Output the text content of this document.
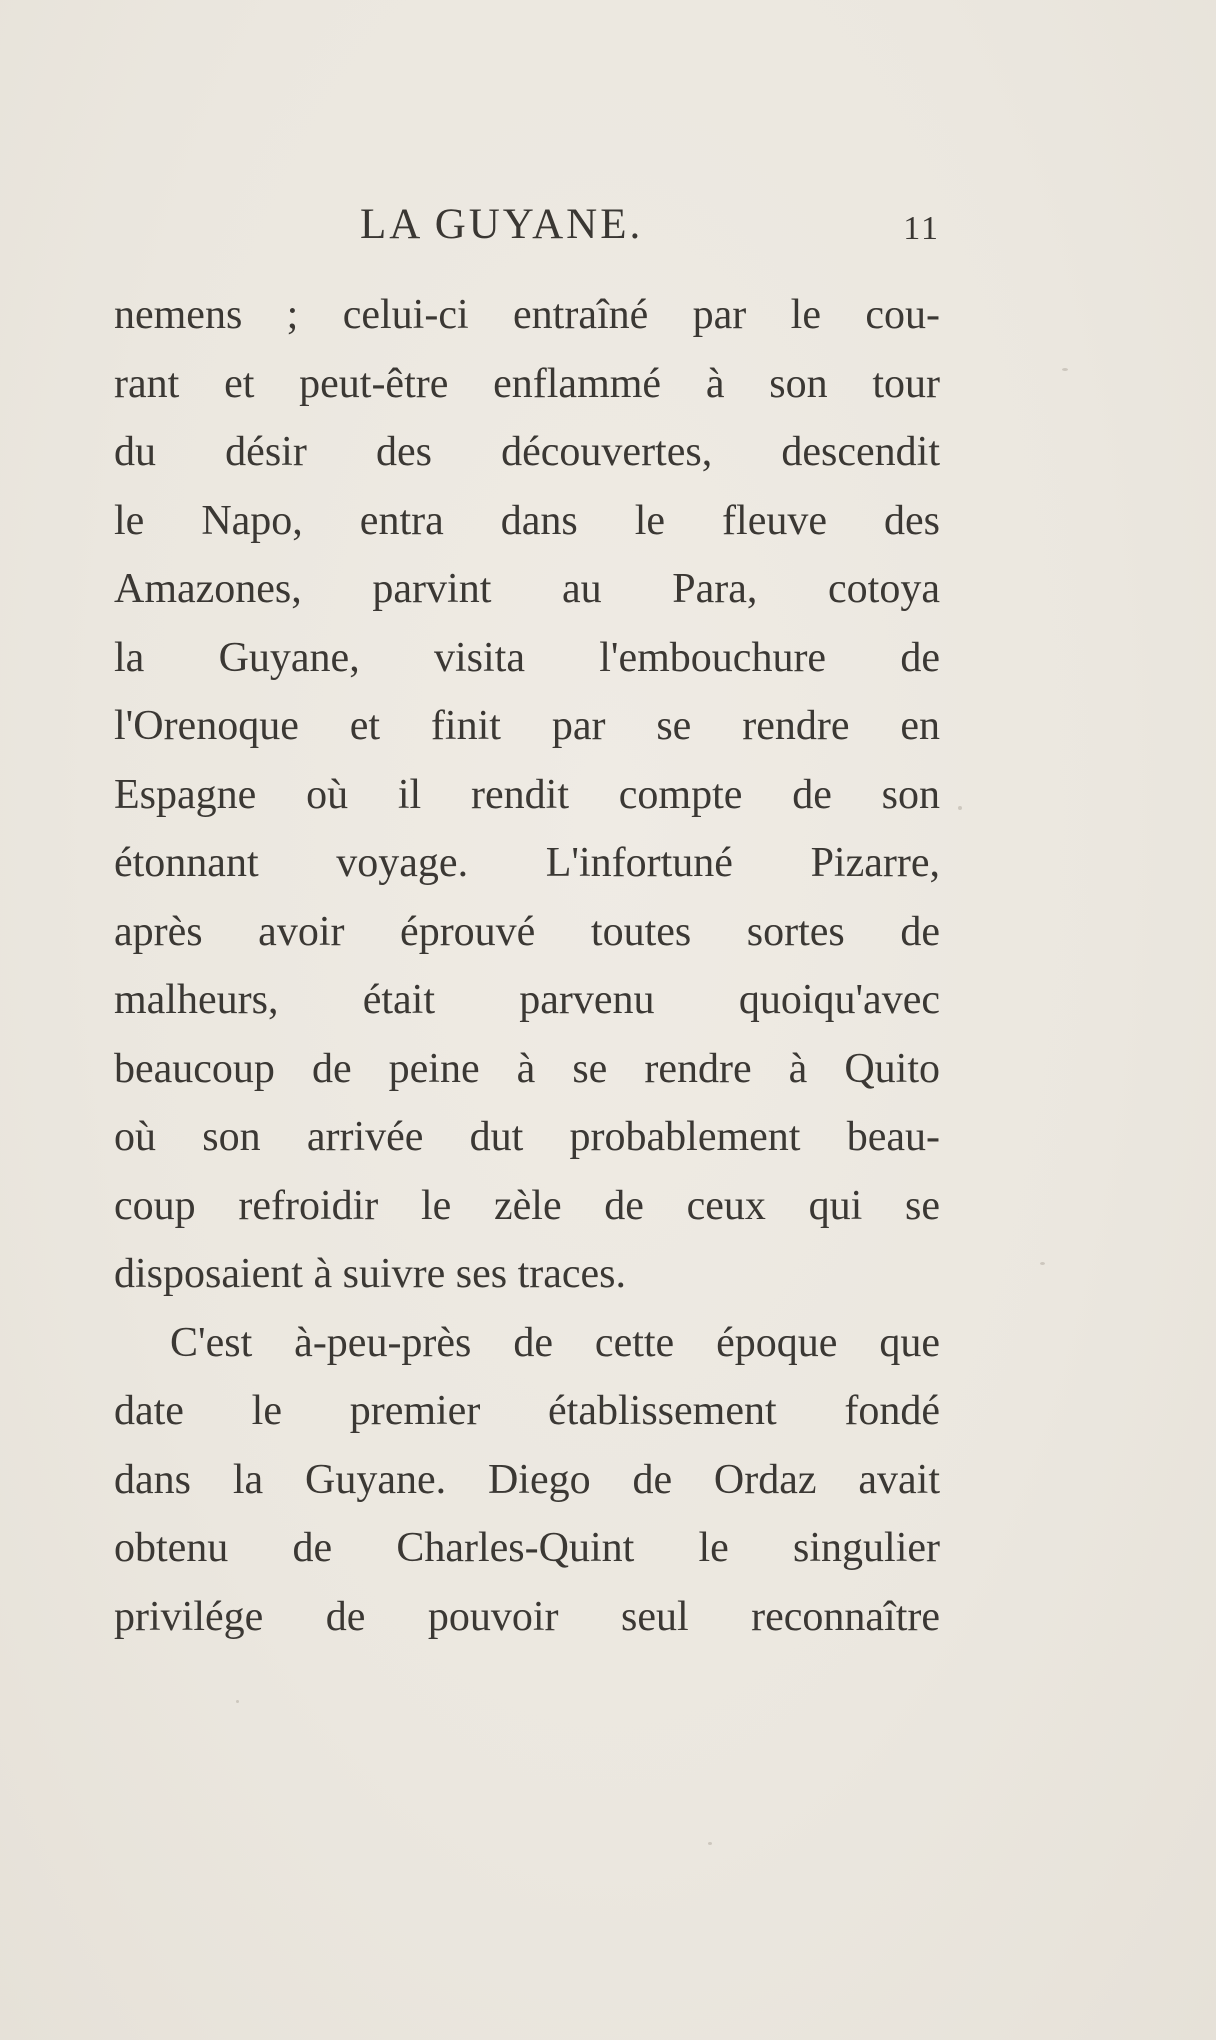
LA GUYANE.	11
nemens ; celui-ci entraîné par le cou-
rant et peut-être enflammé à son tour
du désir des découvertes, descendit
le Napo, entra dans le fleuve des
Amazones, parvint au Para, cotoya
la Guyane, visita l'embouchure de
l'Orenoque et finit par se rendre en
Espagne où il rendit compte de son
étonnant voyage. L'infortuné Pizarre,
après avoir éprouvé toutes sortes de
malheurs, était parvenu quoiqu'avec
beaucoup de peine à se rendre à Quito
où son arrivée dut probablement beau-
coup refroidir le zèle de ceux qui se
disposaient à suivre ses traces.
C'est à-peu-près de cette époque que
date le premier établissement fondé
dans la Guyane. Diego de Ordaz avait
obtenu de Charles-Quint le singulier
privilége de pouvoir seul reconnaître
